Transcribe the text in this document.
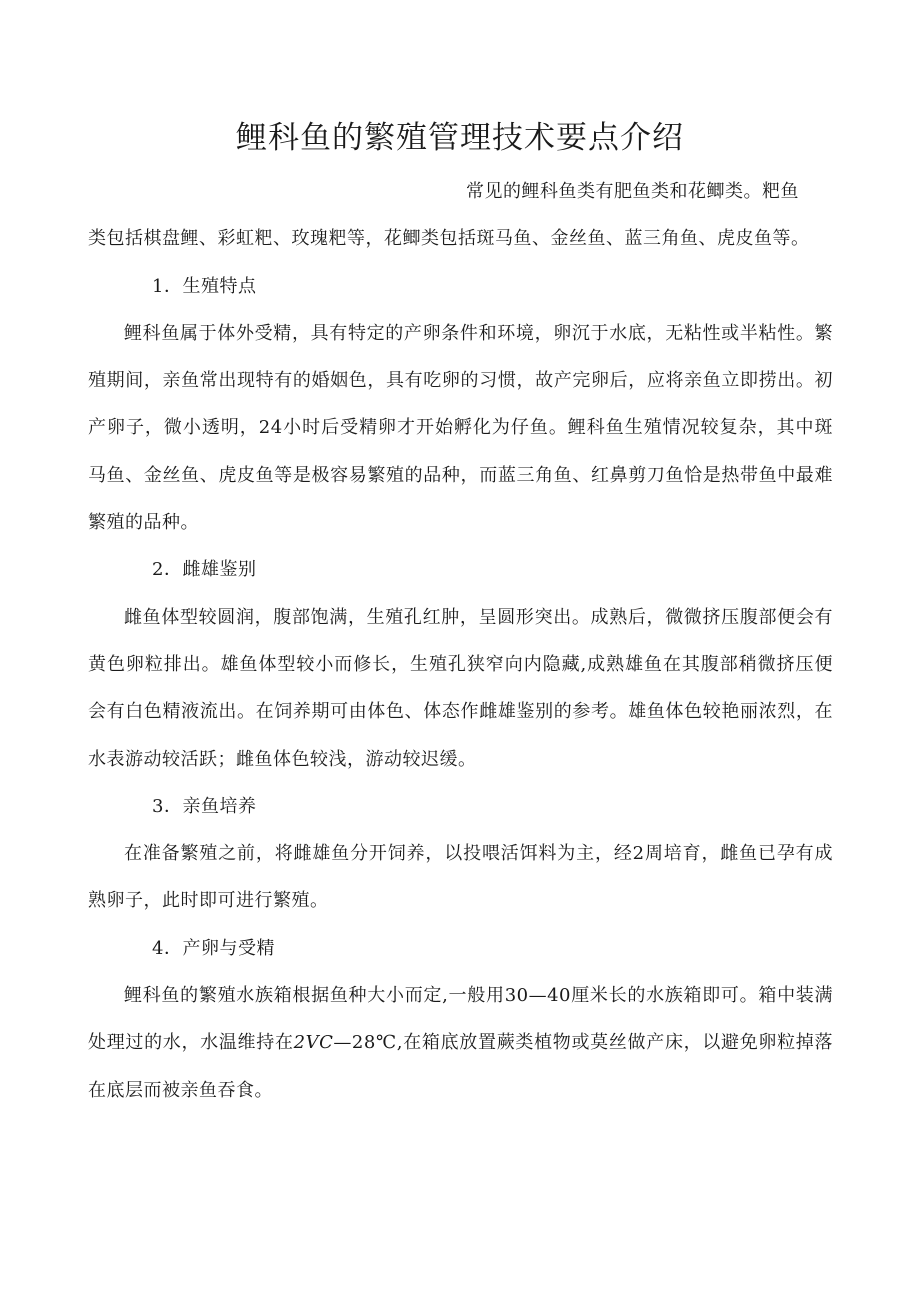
鲤科鱼的繁殖管理技术要点介绍

常见的鲤科鱼类有肥鱼类和花鲫类。粑鱼
类包括棋盘鲤、彩虹粑、玫瑰粑等，花鲫类包括斑马鱼、金丝鱼、蓝三角鱼、虎皮鱼等。

1．生殖特点

鲤科鱼属于体外受精，具有特定的产卵条件和环境，卵沉于水底，无粘性或半粘性。繁殖期间，亲鱼常出现特有的婚姻色，具有吃卵的习惯，故产完卵后，应将亲鱼立即捞出。初产卵子，微小透明，24小时后受精卵才开始孵化为仔鱼。鲤科鱼生殖情况较复杂，其中斑马鱼、金丝鱼、虎皮鱼等是极容易繁殖的品种，而蓝三角鱼、红鼻剪刀鱼恰是热带鱼中最难繁殖的品种。

2．雌雄鉴别

雌鱼体型较圆润，腹部饱满，生殖孔红肿，呈圆形突出。成熟后，微微挤压腹部便会有黄色卵粒排出。雄鱼体型较小而修长，生殖孔狭窄向内隐藏,成熟雄鱼在其腹部稍微挤压便会有白色精液流出。在饲养期可由体色、体态作雌雄鉴别的参考。雄鱼体色较艳丽浓烈，在水表游动较活跃；雌鱼体色较浅，游动较迟缓。

3．亲鱼培养

在准备繁殖之前，将雌雄鱼分开饲养，以投喂活饵料为主，经2周培育，雌鱼已孕有成熟卵子，此时即可进行繁殖。

4．产卵与受精

鲤科鱼的繁殖水族箱根据鱼种大小而定,一般用30—40厘米长的水族箱即可。箱中装满处理过的水，水温维持在2VC—28℃,在箱底放置蕨类植物或莫丝做产床，以避免卵粒掉落在底层而被亲鱼吞食。
